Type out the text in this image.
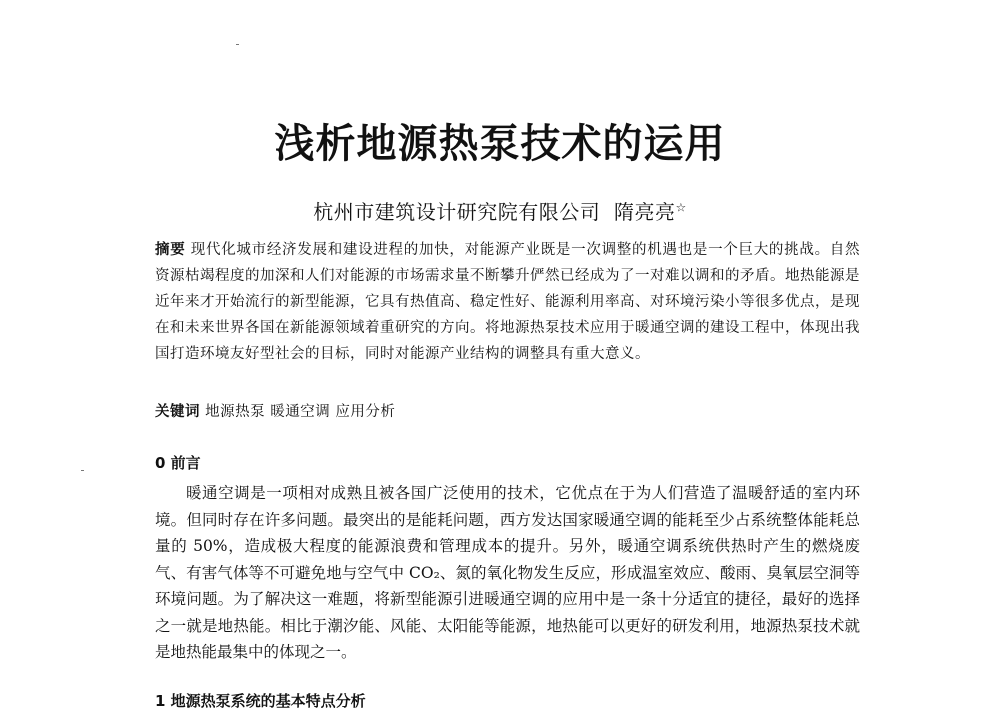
浅析地源热泵技术的运用
杭州市建筑设计研究院有限公司 隋亮亮☆
摘要 现代化城市经济发展和建设进程的加快，对能源产业既是一次调整的机遇也是一个巨大的挑战。自然资源枯竭程度的加深和人们对能源的市场需求量不断攀升俨然已经成为了一对难以调和的矛盾。地热能源是近年来才开始流行的新型能源，它具有热值高、稳定性好、能源利用率高、对环境污染小等很多优点，是现在和未来世界各国在新能源领域着重研究的方向。将地源热泵技术应用于暖通空调的建设工程中，体现出我国打造环境友好型社会的目标，同时对能源产业结构的调整具有重大意义。
关键词 地源热泵 暖通空调 应用分析
0 前言

暖通空调是一项相对成熟且被各国广泛使用的技术，它优点在于为人们营造了温暖舒适的室内环境。但同时存在许多问题。最突出的是能耗问题，西方发达国家暖通空调的能耗至少占系统整体能耗总量的 50%，造成极大程度的能源浪费和管理成本的提升。另外，暖通空调系统供热时产生的燃烧废气、有害气体等不可避免地与空气中 CO₂、氮的氧化物发生反应，形成温室效应、酸雨、臭氧层空洞等环境问题。为了解决这一难题，将新型能源引进暖通空调的应用中是一条十分适宜的捷径，最好的选择之一就是地热能。相比于潮汐能、风能、太阳能等能源，地热能可以更好的研发利用，地源热泵技术就是地热能最集中的体现之一。

1 地源热泵系统的基本特点分析
